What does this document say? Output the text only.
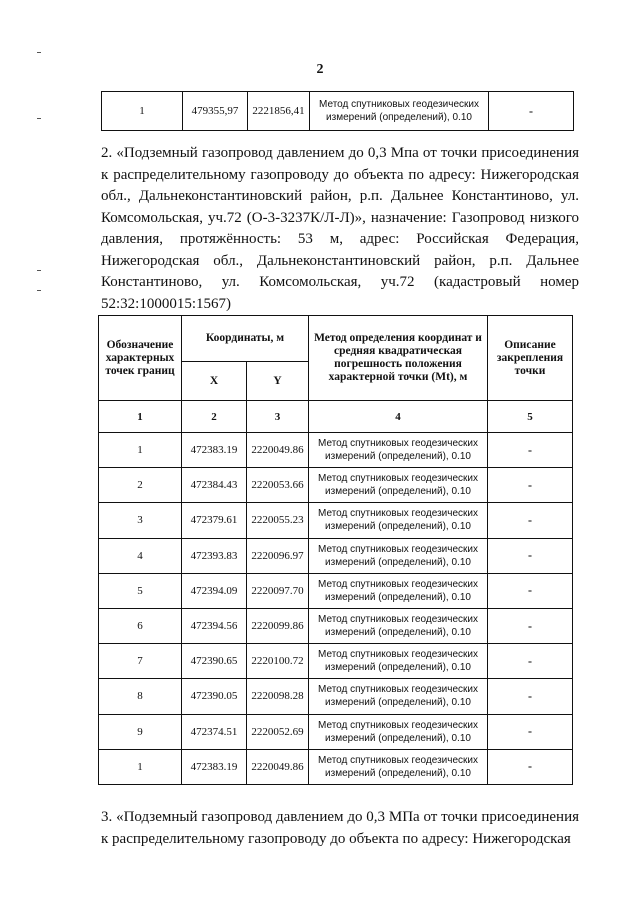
2
1	479355,97	2221856,41	Метод спутниковых геодезических измерений (определений), 0.10	-
2. «Подземный газопровод давлением до 0,3 Мпа от точки присоединения к распределительному газопроводу до объекта по адресу: Нижегородская обл., Дальнеконстантиновский район, р.п. Дальнее Константиново, ул. Комсомольская, уч.72 (О-3-3237К/Л-Л)», назначение: Газопровод низкого давления, протяжённость: 53 м, адрес: Российская Федерация, Нижегородская обл., Дальнеконстантиновский район, р.п. Дальнее Константиново, ул. Комсомольская, уч.72 (кадастровый номер 52:32:1000015:1567)
Обозначение характерных точек границ	Координаты, м		Метод определения координат и средняя квадратическая погрешность положения характерной точки (Mt), м	Описание закрепления точки
	X	Y		
1	2	3	4	5
1	472383.19	2220049.86	Метод спутниковых геодезических измерений (определений), 0.10	-
2	472384.43	2220053.66	Метод спутниковых геодезических измерений (определений), 0.10	-
3	472379.61	2220055.23	Метод спутниковых геодезических измерений (определений), 0.10	-
4	472393.83	2220096.97	Метод спутниковых геодезических измерений (определений), 0.10	-
5	472394.09	2220097.70	Метод спутниковых геодезических измерений (определений), 0.10	-
6	472394.56	2220099.86	Метод спутниковых геодезических измерений (определений), 0.10	-
7	472390.65	2220100.72	Метод спутниковых геодезических измерений (определений), 0.10	-
8	472390.05	2220098.28	Метод спутниковых геодезических измерений (определений), 0.10	-
9	472374.51	2220052.69	Метод спутниковых геодезических измерений (определений), 0.10	-
1	472383.19	2220049.86	Метод спутниковых геодезических измерений (определений), 0.10	-
3. «Подземный газопровод давлением до 0,3 МПа от точки присоединения к распределительному газопроводу до объекта по адресу: Нижегородская
